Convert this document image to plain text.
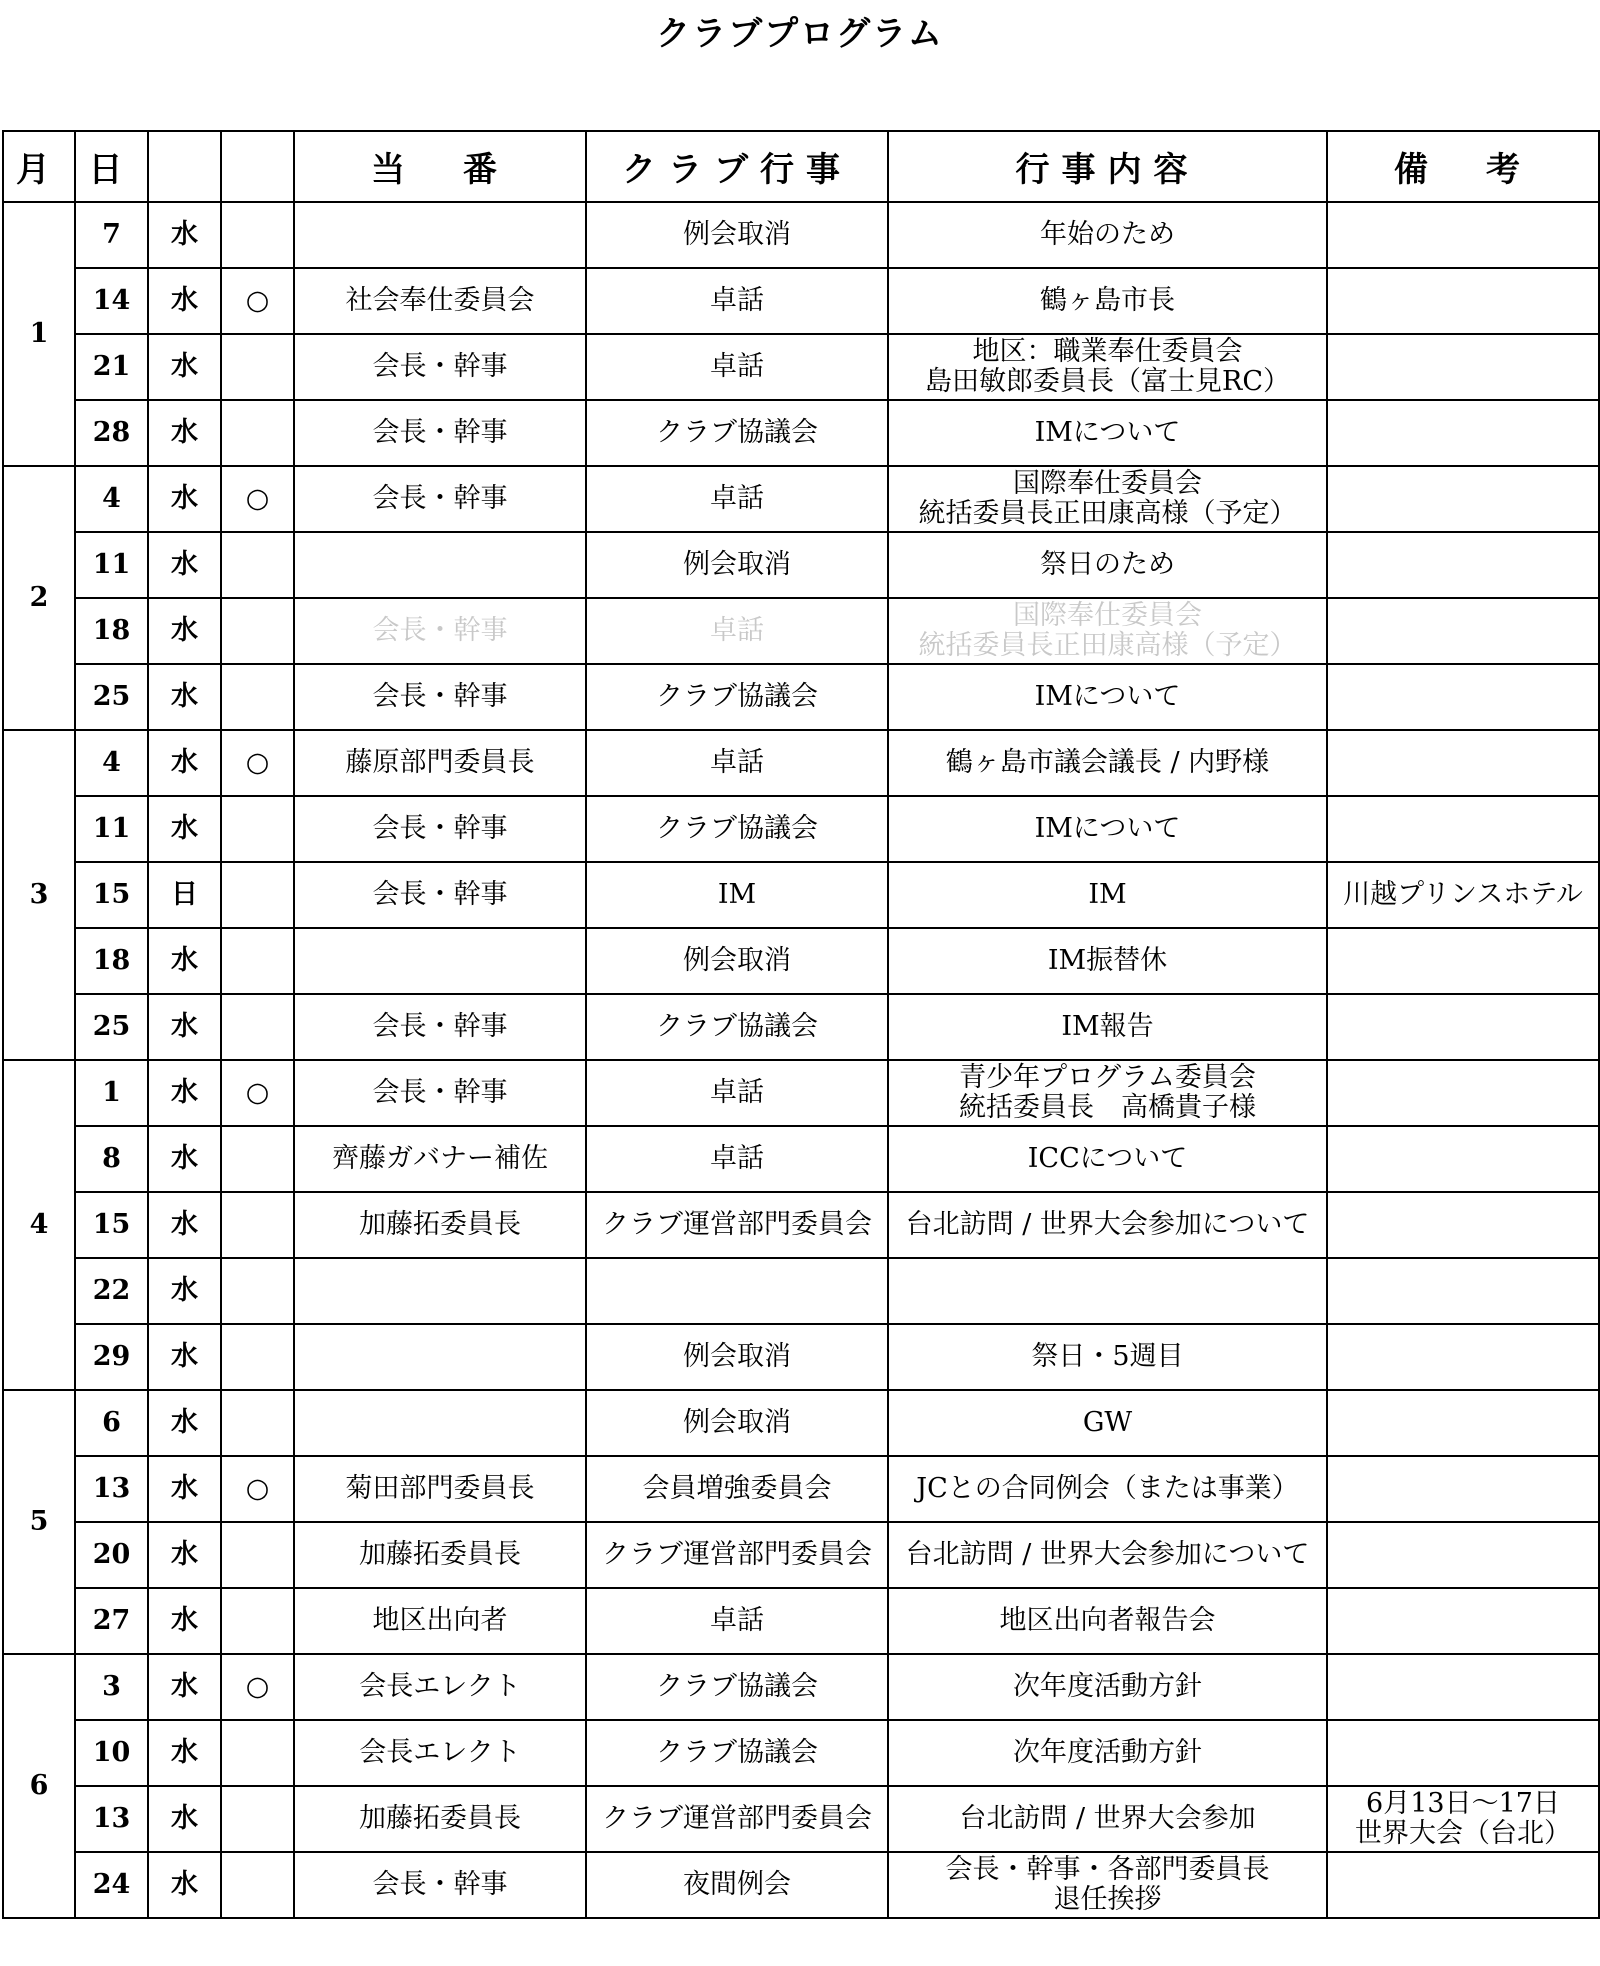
クラブプログラム
月	日			当　番	クラブ行事	行事内容	備　考
1	7	水			例会取消	年始のため	
	14	水	○	社会奉仕委員会	卓話	鶴ヶ島市長	
	21	水		会長・幹事	卓話	地区：職業奉仕委員会
島田敏郎委員長（富士見RC）	
	28	水		会長・幹事	クラブ協議会	IMについて	
2	4	水	○	会長・幹事	卓話	国際奉仕委員会
統括委員長正田康高様（予定）	
	11	水			例会取消	祭日のため	
	18	水		会長・幹事	卓話	国際奉仕委員会
統括委員長正田康高様（予定）	
	25	水		会長・幹事	クラブ協議会	IMについて	
3	4	水	○	藤原部門委員長	卓話	鶴ヶ島市議会議長 / 内野様	
	11	水		会長・幹事	クラブ協議会	IMについて	
	15	日		会長・幹事	IM	IM	川越プリンスホテル
	18	水			例会取消	IM振替休	
	25	水		会長・幹事	クラブ協議会	IM報告	
4	1	水	○	会長・幹事	卓話	青少年プログラム委員会
統括委員長　高橋貴子様	
	8	水		齊藤ガバナー補佐	卓話	ICCについて	
	15	水		加藤拓委員長	クラブ運営部門委員会	台北訪問 / 世界大会参加について	
	22	水					
	29	水			例会取消	祭日・5週目	
5	6	水			例会取消	GW	
	13	水	○	菊田部門委員長	会員増強委員会	JCとの合同例会（または事業）	
	20	水		加藤拓委員長	クラブ運営部門委員会	台北訪問 / 世界大会参加について	
	27	水		地区出向者	卓話	地区出向者報告会	
6	3	水	○	会長エレクト	クラブ協議会	次年度活動方針	
	10	水		会長エレクト	クラブ協議会	次年度活動方針	
	13	水		加藤拓委員長	クラブ運営部門委員会	台北訪問 / 世界大会参加	6月13日～17日
世界大会（台北）
	24	水		会長・幹事	夜間例会	会長・幹事・各部門委員長
退任挨拶	
